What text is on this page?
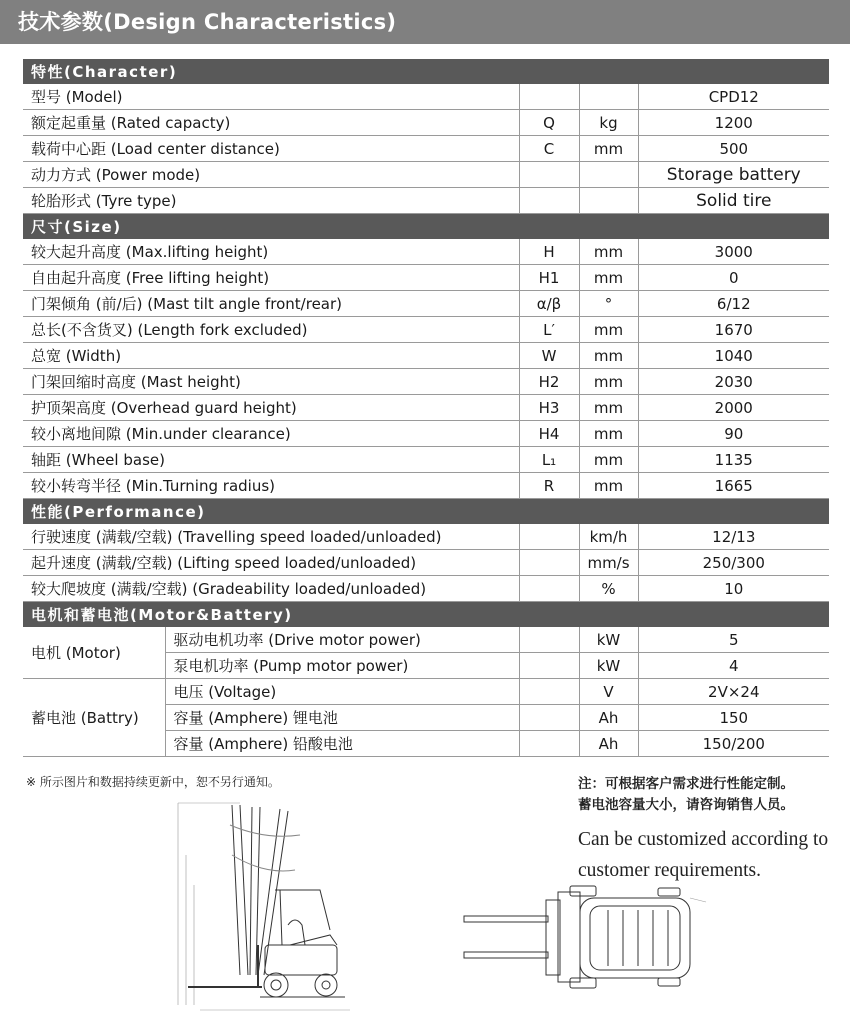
技术参数(Design Characteristics)
特性(Character)				
型号 (Model)				CPD12
额定起重量 (Rated capacty)		Q	kg	1200
载荷中心距 (Load center distance)		C	mm	500
动力方式 (Power mode)				Storage battery
轮胎形式 (Tyre type)				Solid tire
尺寸(Size)				
较大起升高度 (Max.lifting height)		H	mm	3000
自由起升高度 (Free lifting height)		H1	mm	0
门架倾角 (前/后) (Mast tilt angle front/rear)		α/β	°	6/12
总长(不含货叉) (Length fork excluded)		L′	mm	1670
总宽 (Width)		W	mm	1040
门架回缩时高度 (Mast height)		H2	mm	2030
护顶架高度 (Overhead guard height)		H3	mm	2000
较小离地间隙 (Min.under clearance)		H4	mm	90
轴距 (Wheel base)		L₁	mm	1135
较小转弯半径 (Min.Turning radius)		R	mm	1665
性能(Performance)				
行驶速度 (满载/空载) (Travelling speed loaded/unloaded)			km/h	12/13
起升速度 (满载/空载) (Lifting speed loaded/unloaded)			mm/s	250/300
较大爬坡度 (满载/空载) (Gradeability loaded/unloaded)			%	10
电机和蓄电池(Motor&Battery)				
电机 (Motor)	驱动电机功率 (Drive motor power)		kW	5
	泵电机功率 (Pump motor power)		kW	4
蓄电池 (Battry)	电压 (Voltage)		V	2V×24
	容量 (Amphere) 锂电池		Ah	150
	容量 (Amphere) 铅酸电池		Ah	150/200
※ 所示图片和数据持续更新中，恕不另行通知。	注：可根据客户需求进行性能定制。
蓄电池容量大小，请咨询销售人员。
Can be customized according to customer requirements.
